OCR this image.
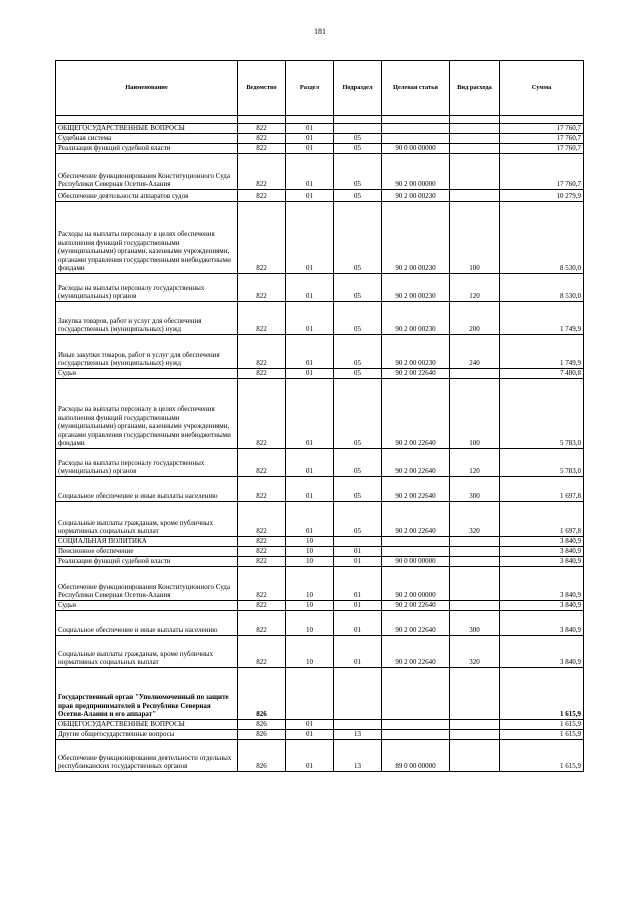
181
Наименование	Ведомство	Раздел	Подраздел	Целевая статья	Вид расхода	Сумма

ОБЩЕГОСУДАРСТВЕННЫЕ ВОПРОСЫ	822	01				17 760,7
Судебная система	822	01	05			17 760,7
Реализация функций судебной власти	822	01	05	90 0 00 00000		17 760,7
Обеспечение функционирования Конституционного Суда Республики Северная Осетия-Алания	822	01	05	90 2 00 00000		17 760,7
Обеспечение деятельности аппаратов судов	822	01	05	90 2 00 00230		10 279,9
Расходы на выплаты персоналу в целях обеспечения выполнения функций государственными (муниципальными) органами, казенными учреждениями, органами управления государственными внебюджетными фондами	822	01	05	90 2 00 00230	100	8 530,0
Расходы на выплаты персоналу государственных (муниципальных) органов	822	01	05	90 2 00 00230	120	8 530,0
Закупка товаров, работ и услуг для обеспечения государственных (муниципальных) нужд	822	01	05	90 2 00 00230	200	1 749,9
Иные закупки товаров, работ и услуг для обеспечения государственных (муниципальных) нужд	822	01	05	90 2 00 00230	240	1 749,9
Судьи	822	01	05	90 2 00 22640		7 480,8
Расходы на выплаты персоналу в целях обеспечения выполнения функций государственными (муниципальными) органами, казенными учреждениями, органами управления государственными внебюджетными фондами	822	01	05	90 2 00 22640	100	5 783,0
Расходы на выплаты персоналу государственных (муниципальных) органов	822	01	05	90 2 00 22640	120	5 783,0
Социальное обеспечение и иные выплаты населению	822	01	05	90 2 00 22640	300	1 697,8
Социальные выплаты гражданам, кроме публичных нормативных социальных выплат	822	01	05	90 2 00 22640	320	1 697,8
СОЦИАЛЬНАЯ ПОЛИТИКА	822	10				3 840,9
Пенсионное обеспечение	822	10	01			3 840,9
Реализация функций судебной власти	822	10	01	90 0 00 00000		3 840,9
Обеспечение функционирования Конституционного Суда Республики Северная Осетия-Алания	822	10	01	90 2 00 00000		3 840,9
Судьи	822	10	01	90 2 00 22640		3 840,9
Социальное обеспечение и иные выплаты населению	822	10	01	90 2 00 22640	300	3 840,9
Социальные выплаты гражданам, кроме публичных нормативных социальных выплат	822	10	01	90 2 00 22640	320	3 840,9
Государственный орган "Уполномоченный по защите прав предпринимателей в Республике Северная Осетия-Алания и его аппарат"	826					1 615,9
ОБЩЕГОСУДАРСТВЕННЫЕ ВОПРОСЫ	826	01				1 615,9
Другие общегосударственные вопросы	826	01	13			1 615,9
Обеспечение функционирования деятельности отдельных республиканских государственных органов	826	01	13	89 0 00 00000		1 615,9
